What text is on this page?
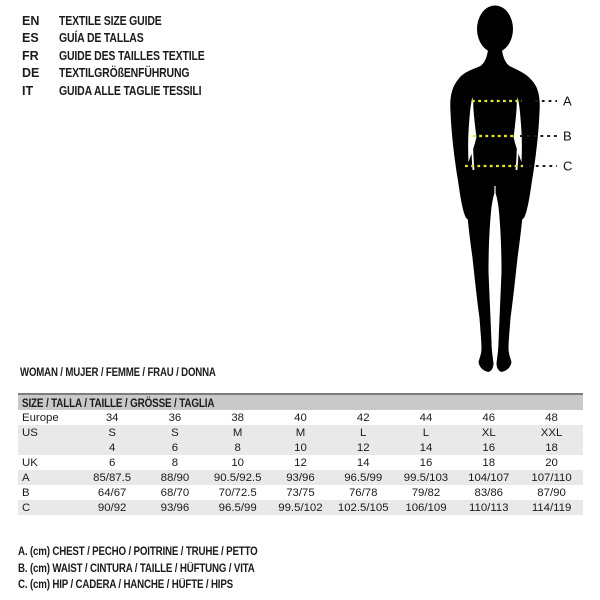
EN TEXTILE SIZE GUIDE
ES GUÍA DE TALLAS
FR GUIDE DES TAILLES TEXTILE
DE TEXTILGRÖßENFÜHRUNG
IT GUIDA ALLE TAGLIE TESSILI
A
B
C
WOMAN / MUJER / FEMME / FRAU / DONNA
SIZE / TALLA / TAILLE / GRÖSSE / TAGLIA								
Europe	34	36	38	40	42	44	46	48
US	S	S	M	M	L	L	XL	XXL
	4	6	8	10	12	14	16	18
UK	6	8	10	12	14	16	18	20
A	85/87.5	88/90	90.5/92.5	93/96	96.5/99	99.5/103	104/107	107/110
B	64/67	68/70	70/72.5	73/75	76/78	79/82	83/86	87/90
C	90/92	93/96	96.5/99	99.5/102	102.5/105	106/109	110/113	114/119
A. (cm) CHEST / PECHO / POITRINE / TRUHE / PETTO
B. (cm) WAIST / CINTURA / TAILLE / HÜFTUNG / VITA
C. (cm) HIP / CADERA / HANCHE / HÜFTE / HIPS
